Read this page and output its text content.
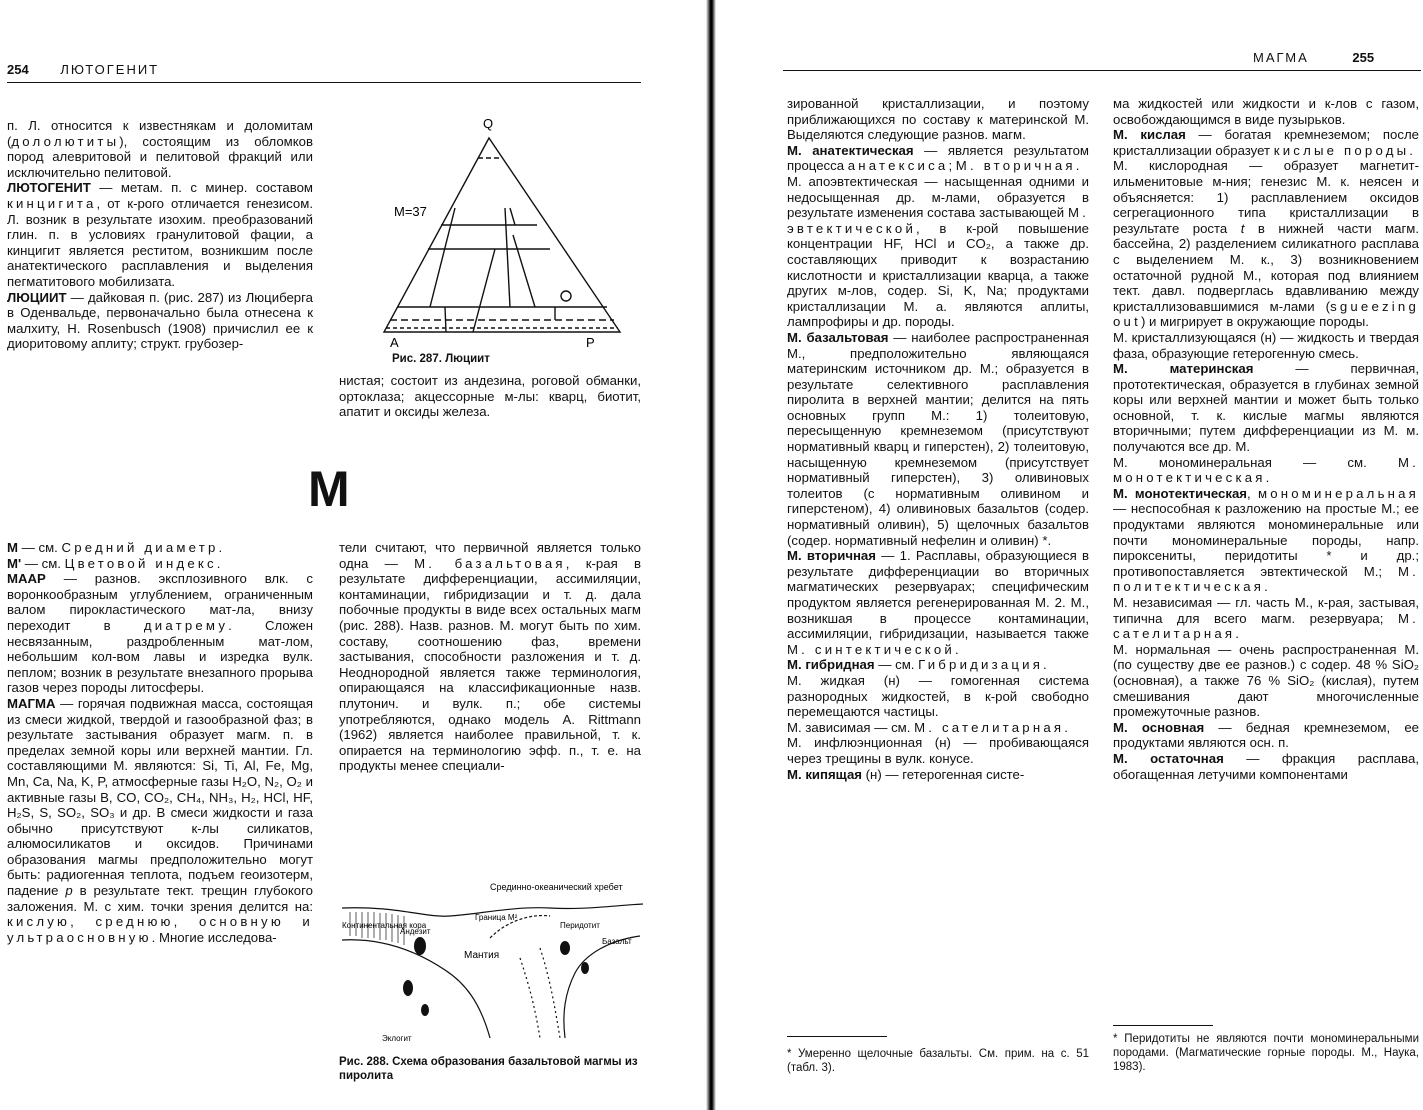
254 ЛЮТОГЕНИТ

п. Л. относится к известнякам и доломитам (дололютиты), состоящим из обломков пород алевритовой и пелитовой фракций или исключительно пелитовой.

ЛЮТОГЕНИТ — метам. п. с минер. составом кинцигита, от к-рого отличается генезисом. Л. возник в результате изохим. преобразований глин. п. в условиях гранулитовой фации, а кинцигит является реститом, возникшим после анатектического расплавления и выделения пегматитового мобилизата.

ЛЮЦИИТ — дайковая п. (рис. 287) из Люциберга в Оденвальде, первоначально была отнесена к малхиту, H. Rosenbusch (1908) причислил ее к диоритовому аплиту; структ. грубозер-

Q
A	P
M=37
Рис. 287. Люциит

нистая; состоит из андезина, роговой обманки, ортоклаза; акцессорные м-лы: кварц, биотит, апатит и оксиды железа.

М

М — см. Средний диаметр.

М' — см. Цветовой индекс.

МААР — разнов. эксплозивного влк. с воронкообразным углублением, ограниченным валом пирокластического мат-ла, внизу переходит в диатрему. Сложен несвязанным, раздробленным мат-лом, небольшим кол-вом лавы и изредка вулк. пеплом; возник в результате внезапного прорыва газов через породы литосферы.

МАГМА — горячая подвижная масса, состоящая из смеси жидкой, твердой и газообразной фаз; в результате застывания образует магм. п. в пределах земной коры или верхней мантии. Гл. составляющими М. являются: Si, Ti, Al, Fe, Mg, Mn, Ca, Na, K, P, атмосферные газы H₂O, N₂, O₂ и активные газы B, CO, CO₂, CH₄, NH₃, H₂, HCl, HF, H₂S, S, SO₂, SO₃ и др. В смеси жидкости и газа обычно присутствуют к-лы силикатов, алюмосиликатов и оксидов. Причинами образования магмы предположительно могут быть: радиогенная теплота, подъем геоизотерм, падение p в результате тект. трещин глубокого заложения. М. с хим. точки зрения делится на: кислую, среднюю, основную и ультраосновную. Многие исследова-

тели считают, что первичной является только одна — М. базальтовая, к-рая в результате дифференциации, ассимиляции, контаминации, гибридизации и т. д. дала побочные продукты в виде всех остальных магм (рис. 288). Назв. разнов. М. могут быть по хим. составу, соотношению фаз, времени застывания, способности разложения и т. д. Неоднородной является также терминология, опирающаяся на классификационные назв. плутонич. и вулк. п.; обе системы употребляются, однако модель A. Rittmann (1962) является наиболее правильной, т. к. опирается на терминологию эфф. п., т. е. на продукты менее специали-

Срединно-океанический хребет
Континентальная кора
Андезит
Граница M²
Перидотит
Базальт
Мантия
Эклогит
Рис. 288. Схема образования базальтовой магмы из пиролита
МАГМА	255

зированной кристаллизации, и поэтому приближающихся по составу к материнской М. Выделяются следующие разнов. магм.

М. анатектическая — является результатом процесса анатексиса; М. вторичная.

М. апоэвтектическая — насыщенная одними и недосыщенная др. м-лами, образуется в результате изменения состава застывающей М. эвтектической, в к-рой повышение концентрации HF, HCl и CO₂, а также др. составляющих приводит к возрастанию кислотности и кристаллизации кварца, а также других м-лов, содер. Si, K, Na; продуктами кристаллизации М. а. являются аплиты, лампрофиры и др. породы.

М. базальтовая — наиболее распространенная М., предположительно являющаяся материнским источником др. М.; образуется в результате селективного расплавления пиролита в верхней мантии; делится на пять основных групп М.: 1) толеитовую, пересыщенную кремнеземом (присутствуют нормативный кварц и гиперстен), 2) толеитовую, насыщенную кремнеземом (присутствует нормативный гиперстен), 3) оливиновых толеитов (с нормативным оливином и гиперстеном), 4) оливиновых базальтов (содер. нормативный оливин), 5) щелочных базальтов (содер. нормативный нефелин и оливин) *.

М. вторичная — 1. Расплавы, образующиеся в результате дифференциации во вторичных магматических резервуарах; специфическим продуктом является регенерированная М. 2. М., возникшая в процессе контаминации, ассимиляции, гибридизации, называется также М. синтектической.

М. гибридная — см. Гибридизация.

М. жидкая (н) — гомогенная система разнородных жидкостей, в к-рой свободно перемещаются частицы.

М. зависимая — см. М. сателитарная.

М. инфлюэнционная (н) — пробивающаяся через трещины в вулк. конусе.

М. кипящая (н) — гетерогенная систе-

* Умеренно щелочные базальты. См. прим. на с. 51 (табл. 3).

ма жидкостей или жидкости и к-лов с газом, освобождающимся в виде пузырьков.

М. кислая — богатая кремнеземом; после кристаллизации образует кислые породы.

М. кислородная — образует магнетит-ильменитовые м-ния; генезис М. к. неясен и объясняется: 1) расплавлением оксидов сегрегационного типа кристаллизации в результате роста t в нижней части магм. бассейна, 2) разделением силикатного расплава с выделением М. к., 3) возникновением остаточной рудной М., которая под влиянием тект. давл. подверглась вдавливанию между кристаллизовавшимися м-лами (sgueezing out) и мигрирует в окружающие породы.

М. кристаллизующаяся (н) — жидкость и твердая фаза, образующие гетерогенную смесь.

М. материнская — первичная, прототектическая, образуется в глубинах земной коры или верхней мантии и может быть только основной, т. к. кислые магмы являются вторичными; путем дифференциации из М. м. получаются все др. М.

М. мономинеральная — см. М. монотектическая.

М. монотектическая, мономинеральная — неспособная к разложению на простые М.; ее продуктами являются мономинеральные или почти мономинеральные породы, напр. пироксениты, перидотиты * и др.; противопоставляется эвтектической М.; М. политектическая.

М. независимая — гл. часть М., к-рая, застывая, типична для всего магм. резервуара; М. сателитарная.

М. нормальная — очень распространенная М. (по существу две ее разнов.) с содер. 48 % SiO₂ (основная), а также 76 % SiO₂ (кислая), путем смешивания дают многочисленные промежуточные разнов.

М. основная — бедная кремнеземом, ее продуктами являются осн. п.

М. остаточная — фракция расплава, обогащенная летучими компонентами

* Перидотиты не являются почти мономинеральными породами. (Магматические горные породы. М., Наука, 1983).
